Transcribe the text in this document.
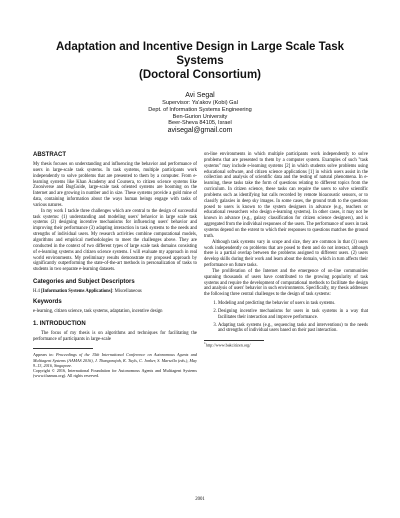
Adaptation and Incentive Design in Large Scale Task
Systems
(Doctoral Consortium)
Avi Segal
Supervisor: Ya'akov (Kobi) Gal
Dept. of Information Systems Engineering
Ben-Gurion University
Beer-Sheva 84105, Israel
avisegal@gmail.com
ABSTRACT

My thesis focuses on understanding and influencing the behavior and performance of users in large-scale task systems. In task systems, multiple participants work independently to solve problems that are presented to them by a computer. From e-learning systems like Khan Academy and Coursera, to citizen science systems like Zooniverse and BugGuide, large-scale task oriented systems are booming on the Internet and are growing in number and in size. These systems provide a gold mine of data, containing information about the ways human beings engage with tasks of various natures.

In my work I tackle three challenges which are central to the design of successful task systems: (1) understanding and modeling users' behavior in large scale task systems (2) designing incentive mechanisms for influencing users' behavior and improving their performance (3) adapting interaction in task systems to the needs and strengths of individual users. My research activities combine computational models, algorithms and empirical methodologies to meet the challenges above. They are conducted in the context of two different types of large scale task domains consisting of e-learning systems and citizen science systems. I will evaluate my approach in real world environments. My preliminary results demonstrate my proposed approach by significantly outperforming the state-of-the-art methods in personalization of tasks to students in two separate e-learning datasets.

Categories and Subject Descriptors
H.4 [Information Systems Applications]: Miscellaneous
Keywords

e-learning, citizen science, task systems, adaptation, incentive design

1. INTRODUCTION

The focus of my thesis is on algorithms and techniques for facilitating the performance of participants in large-scale

Appears in: Proceedings of the 15th International Conference on Autonomous Agents and Multiagent Systems (AAMAS 2016), J. Thangarajah, K. Tuyls, C. Jonker, S. Marsella (eds.), May 9–13, 2016, Singapore.
Copyright © 2016, International Foundation for Autonomous Agents and Multiagent Systems (www.ifaamas.org). All rights reserved.

on-line environments in which multiple participants work independently to solve problems that are presented to them by a computer system. Examples of such "task systems" may include e-learning systems [2] in which students solve problems using educational software, and citizen science applications [1] in which users assist in the collection and analysis of scientific data and the testing of natural phenomena. In e-learning, these tasks take the form of questions relating to different topics from the curriculum. In citizen science, these tasks can require the users to solve scientific problems such as identifying bat calls recorded by remote bioacoustic sensors, or to classify galaxies in deep sky images. In some cases, the ground truth to the questions posed to users is known to the system designers in advance (e.g., teachers or educational researchers who design e-learning systems). In other cases, it may not be known in advance (e.g., galaxy classification for citizen science designers), and is aggregated from the individual responses of the users. The performance of users in task systems depend on the extent to which their responses to questions matches the ground truth.

Although task systems vary in scope and size, they are common in that (1) users work independently on problems that are posed to them and do not interact, although there is a partial overlap between the problems assigned to different users. (2) users develop skills during their work and learn about the domain, which in turn affects their performance on future tasks.

The proliferation of the Internet and the emergence of on-line communities spanning thousands of users have contributed to the growing popularity of task systems and require the development of computational methods to facilitate the design and analysis of users' behavior in such environments. Specifically, my thesis addresses the following three central challenges to the design of task systems:

1. Modeling and predicting the behavior of users in task systems.
2. Designing incentive mechanisms for users in task systems in a way that facilitates their interaction and improve performance.
3. Adapting task systems (e.g., sequencing tasks and interventions) to the needs and strengths of individual users based on their past interaction.
$^1$http://www.bakcitizen.org/
2001
